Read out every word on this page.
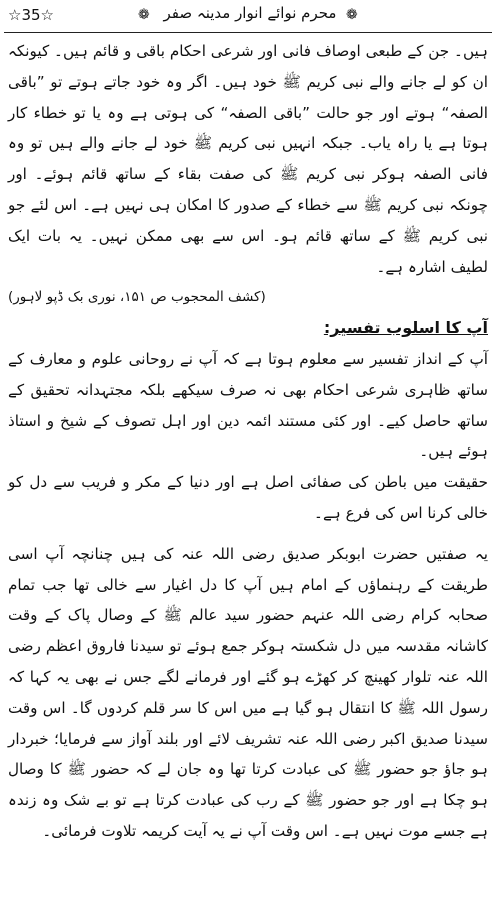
☆35☆	❁ محرم نوائے انوار مدینہ صفر ❁

ہیں۔ جن کے طبعی اوصاف فانی اور شرعی احکام باقی و قائم ہیں۔ کیونکہ ان کو لے جانے والے نبی کریم ﷺ خود ہیں۔ اگر وہ خود جاتے ہوتے تو ”باقی الصفہ“ ہوتے اور جو حالت ”باقی الصفہ“ کی ہوتی ہے وہ یا تو خطاء کار ہوتا ہے یا راہ یاب۔ جبکہ انہیں نبی کریم ﷺ خود لے جانے والے ہیں تو وہ فانی الصفہ ہوکر نبی کریم ﷺ کی صفت بقاء کے ساتھ قائم ہوئے۔ اور چونکہ نبی کریم ﷺ سے خطاء کے صدور کا امکان ہی نہیں ہے۔ اس لئے جو نبی کریم ﷺ کے ساتھ قائم ہو۔ اس سے بھی ممکن نہیں۔ یہ بات ایک لطیف اشارہ ہے۔

(کشف المحجوب ص ۱۵۱، نوری بک ڈپو لاہور)

آپ کا اسلوب تفسیر:

آپ کے انداز تفسیر سے معلوم ہوتا ہے کہ آپ نے روحانی علوم و معارف کے ساتھ ظاہری شرعی احکام بھی نہ صرف سیکھے بلکہ مجتہدانہ تحقیق کے ساتھ حاصل کیے۔ اور کئی مستند ائمہ دین اور اہل تصوف کے شیخ و استاذ ہوئے ہیں۔

حقیقت میں باطن کی صفائی اصل ہے اور دنیا کے مکر و فریب سے دل کو خالی کرنا اس کی فرع ہے۔

یہ صفتیں حضرت ابوبکر صدیق رضی اللہ عنہ کی ہیں چنانچہ آپ اسی طریقت کے رہنماؤں کے امام ہیں آپ کا دل اغیار سے خالی تھا جب تمام صحابہ کرام رضی اللہ عنہم حضور سید عالم ﷺ کے وصال پاک کے وقت کاشانہ مقدسہ میں دل شکستہ ہوکر جمع ہوئے تو سیدنا فاروق اعظم رضی اللہ عنہ تلوار کھینچ کر کھڑے ہو گئے اور فرمانے لگے جس نے بھی یہ کہا کہ رسول اللہ ﷺ کا انتقال ہو گیا ہے میں اس کا سر قلم کردوں گا۔ اس وقت سیدنا صدیق اکبر رضی اللہ عنہ تشریف لائے اور بلند آواز سے فرمایا؛ خبردار ہو جاؤ جو حضور ﷺ کی عبادت کرتا تھا وہ جان لے کہ حضور ﷺ کا وصال ہو چکا ہے اور جو حضور ﷺ کے رب کی عبادت کرتا ہے تو بے شک وہ زندہ ہے جسے موت نہیں ہے۔ اس وقت آپ نے یہ آیت کریمہ تلاوت فرمائی۔
